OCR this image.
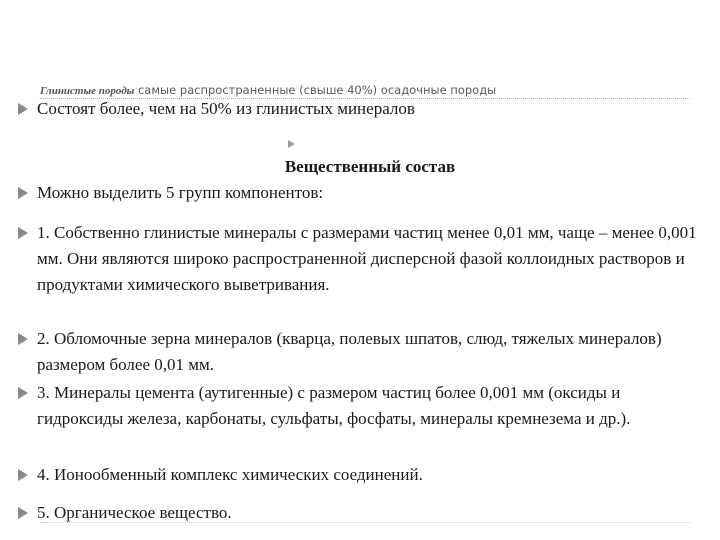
Глинистые породы самые распространенные (свыше 40%) осадочные породы
Состоят более, чем на 50% из глинистых минералов
Вещественный состав
Можно выделить 5 групп компонентов:
1. Собственно глинистые минералы с размерами частиц менее 0,01 мм, чаще – менее 0,001 мм. Они являются широко распространенной дисперсной фазой коллоидных растворов и продуктами химического выветривания.
2. Обломочные зерна минералов (кварца, полевых шпатов, слюд, тяжелых минералов) размером более 0,01 мм.
3. Минералы цемента (аутигенные) с размером частиц более 0,001 мм (оксиды и гидроксиды железа, карбонаты, сульфаты, фосфаты, минералы кремнезема и др.).
4. Ионообменный комплекс химических соединений.
5. Органическое вещество.
